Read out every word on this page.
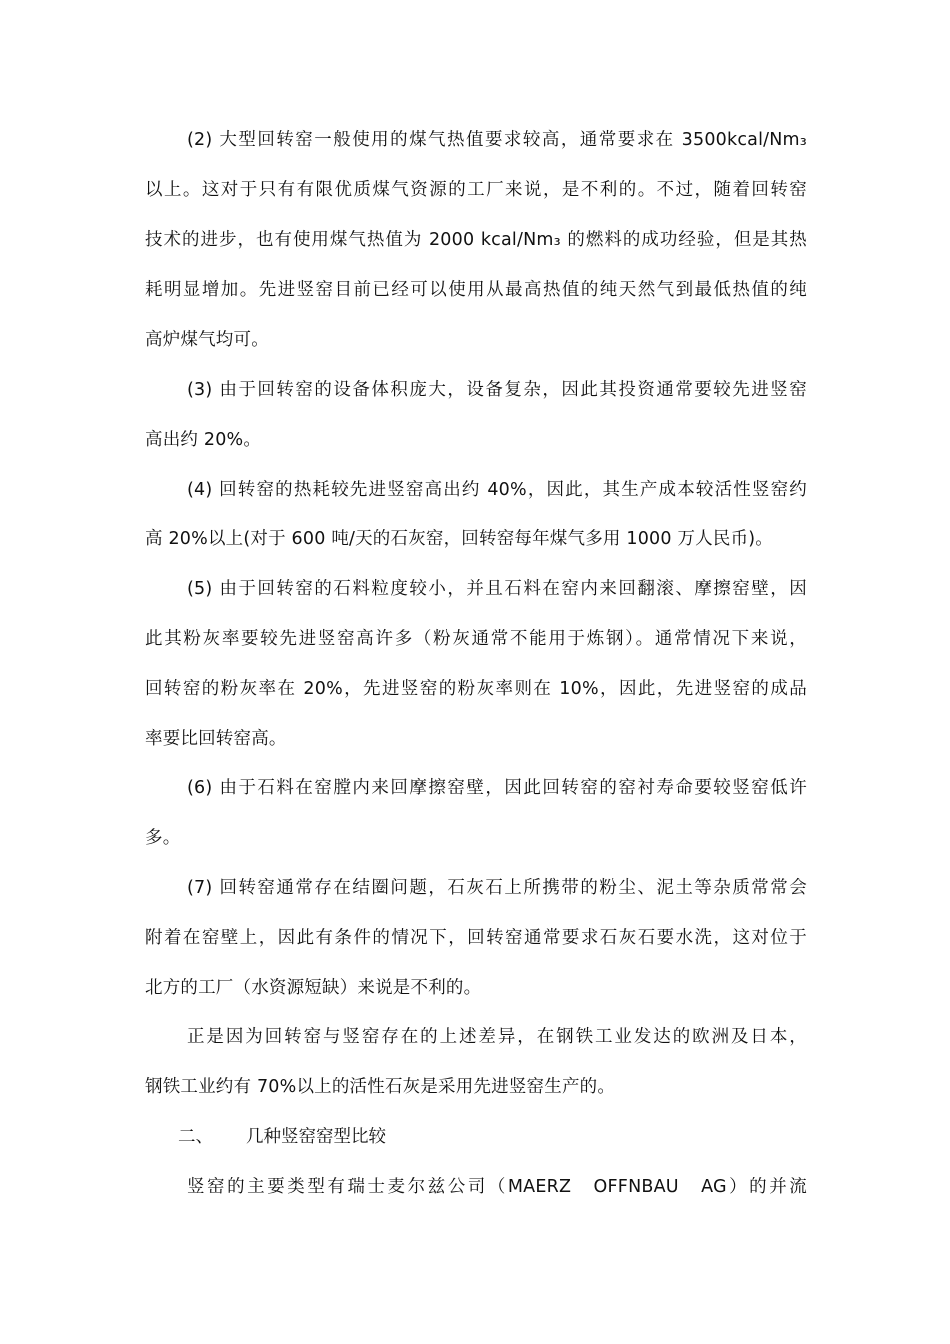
(2) 大型回转窑一般使用的煤气热值要求较高，通常要求在 3500kcal/Nm₃
以上。这对于只有有限优质煤气资源的工厂来说，是不利的。不过，随着回转窑
技术的进步，也有使用煤气热值为 2000 kcal/Nm₃ 的燃料的成功经验，但是其热
耗明显增加。先进竖窑目前已经可以使用从最高热值的纯天然气到最低热值的纯
高炉煤气均可。
(3) 由于回转窑的设备体积庞大，设备复杂，因此其投资通常要较先进竖窑
高出约 20%。
(4) 回转窑的热耗较先进竖窑高出约 40%，因此，其生产成本较活性竖窑约
高 20%以上(对于 600 吨/天的石灰窑，回转窑每年煤气多用 1000 万人民币)。
(5) 由于回转窑的石料粒度较小，并且石料在窑内来回翻滚、摩擦窑壁，因
此其粉灰率要较先进竖窑高许多（粉灰通常不能用于炼钢）。通常情况下来说，
回转窑的粉灰率在 20%，先进竖窑的粉灰率则在 10%，因此，先进竖窑的成品
率要比回转窑高。
(6) 由于石料在窑膛内来回摩擦窑壁，因此回转窑的窑衬寿命要较竖窑低许
多。
(7) 回转窑通常存在结圈问题，石灰石上所携带的粉尘、泥土等杂质常常会
附着在窑壁上，因此有条件的情况下，回转窑通常要求石灰石要水洗，这对位于
北方的工厂（水资源短缺）来说是不利的。
正是因为回转窑与竖窑存在的上述差异，在钢铁工业发达的欧洲及日本，
钢铁工业约有 70%以上的活性石灰是采用先进竖窑生产的。
二、 几种竖窑窑型比较
竖窑的主要类型有瑞士麦尔兹公司（MAERZ　OFFNBAU　AG）的并流
